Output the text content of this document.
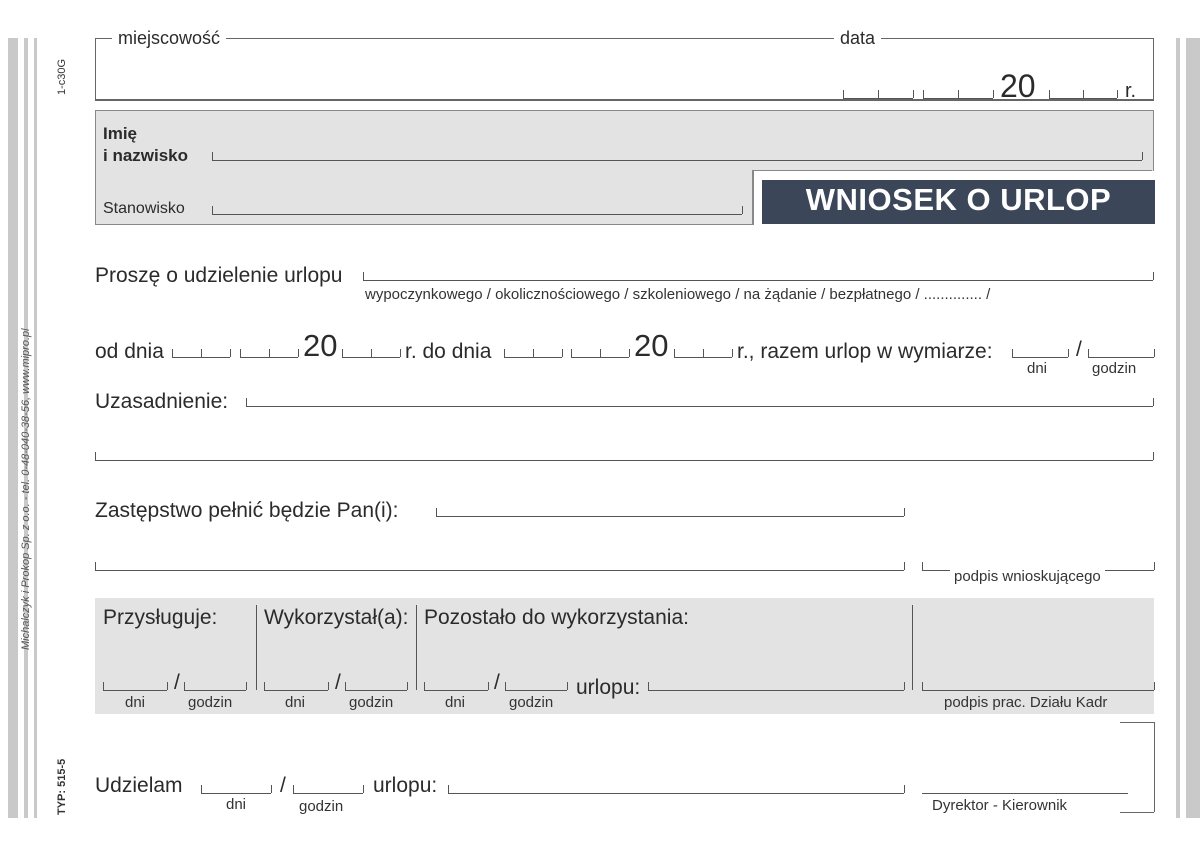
1-c30G
Michalczyk i Prokop Sp. z o.o. - tel. 0-48-040-38-56, www.mipro.pl
TYP: 515-5
miejscowość	data
20	r.
Imię
i nazwisko
Stanowisko	WNIOSEK O URLOP
Proszę o udzielenie urlopu
wypoczynkowego / okolicznościowego / szkoleniowego / na żądanie / bezpłatnego / .............. /
od dnia	20	r. do dnia	20	r., razem urlop w wymiarze:	/
dni	godzin
Uzasadnienie:
Zastępstwo pełnić będzie Pan(i):
podpis wnioskującego
Przysługuje: Wykorzystał(a): Pozostało do wykorzystania:
/
dni	godzin
/
dni	godzin
/
dni	godzin
urlopu:
podpis prac. Działu Kadr
Udzielam	/
dni	godzin
urlopu:
Dyrektor - Kierownik
